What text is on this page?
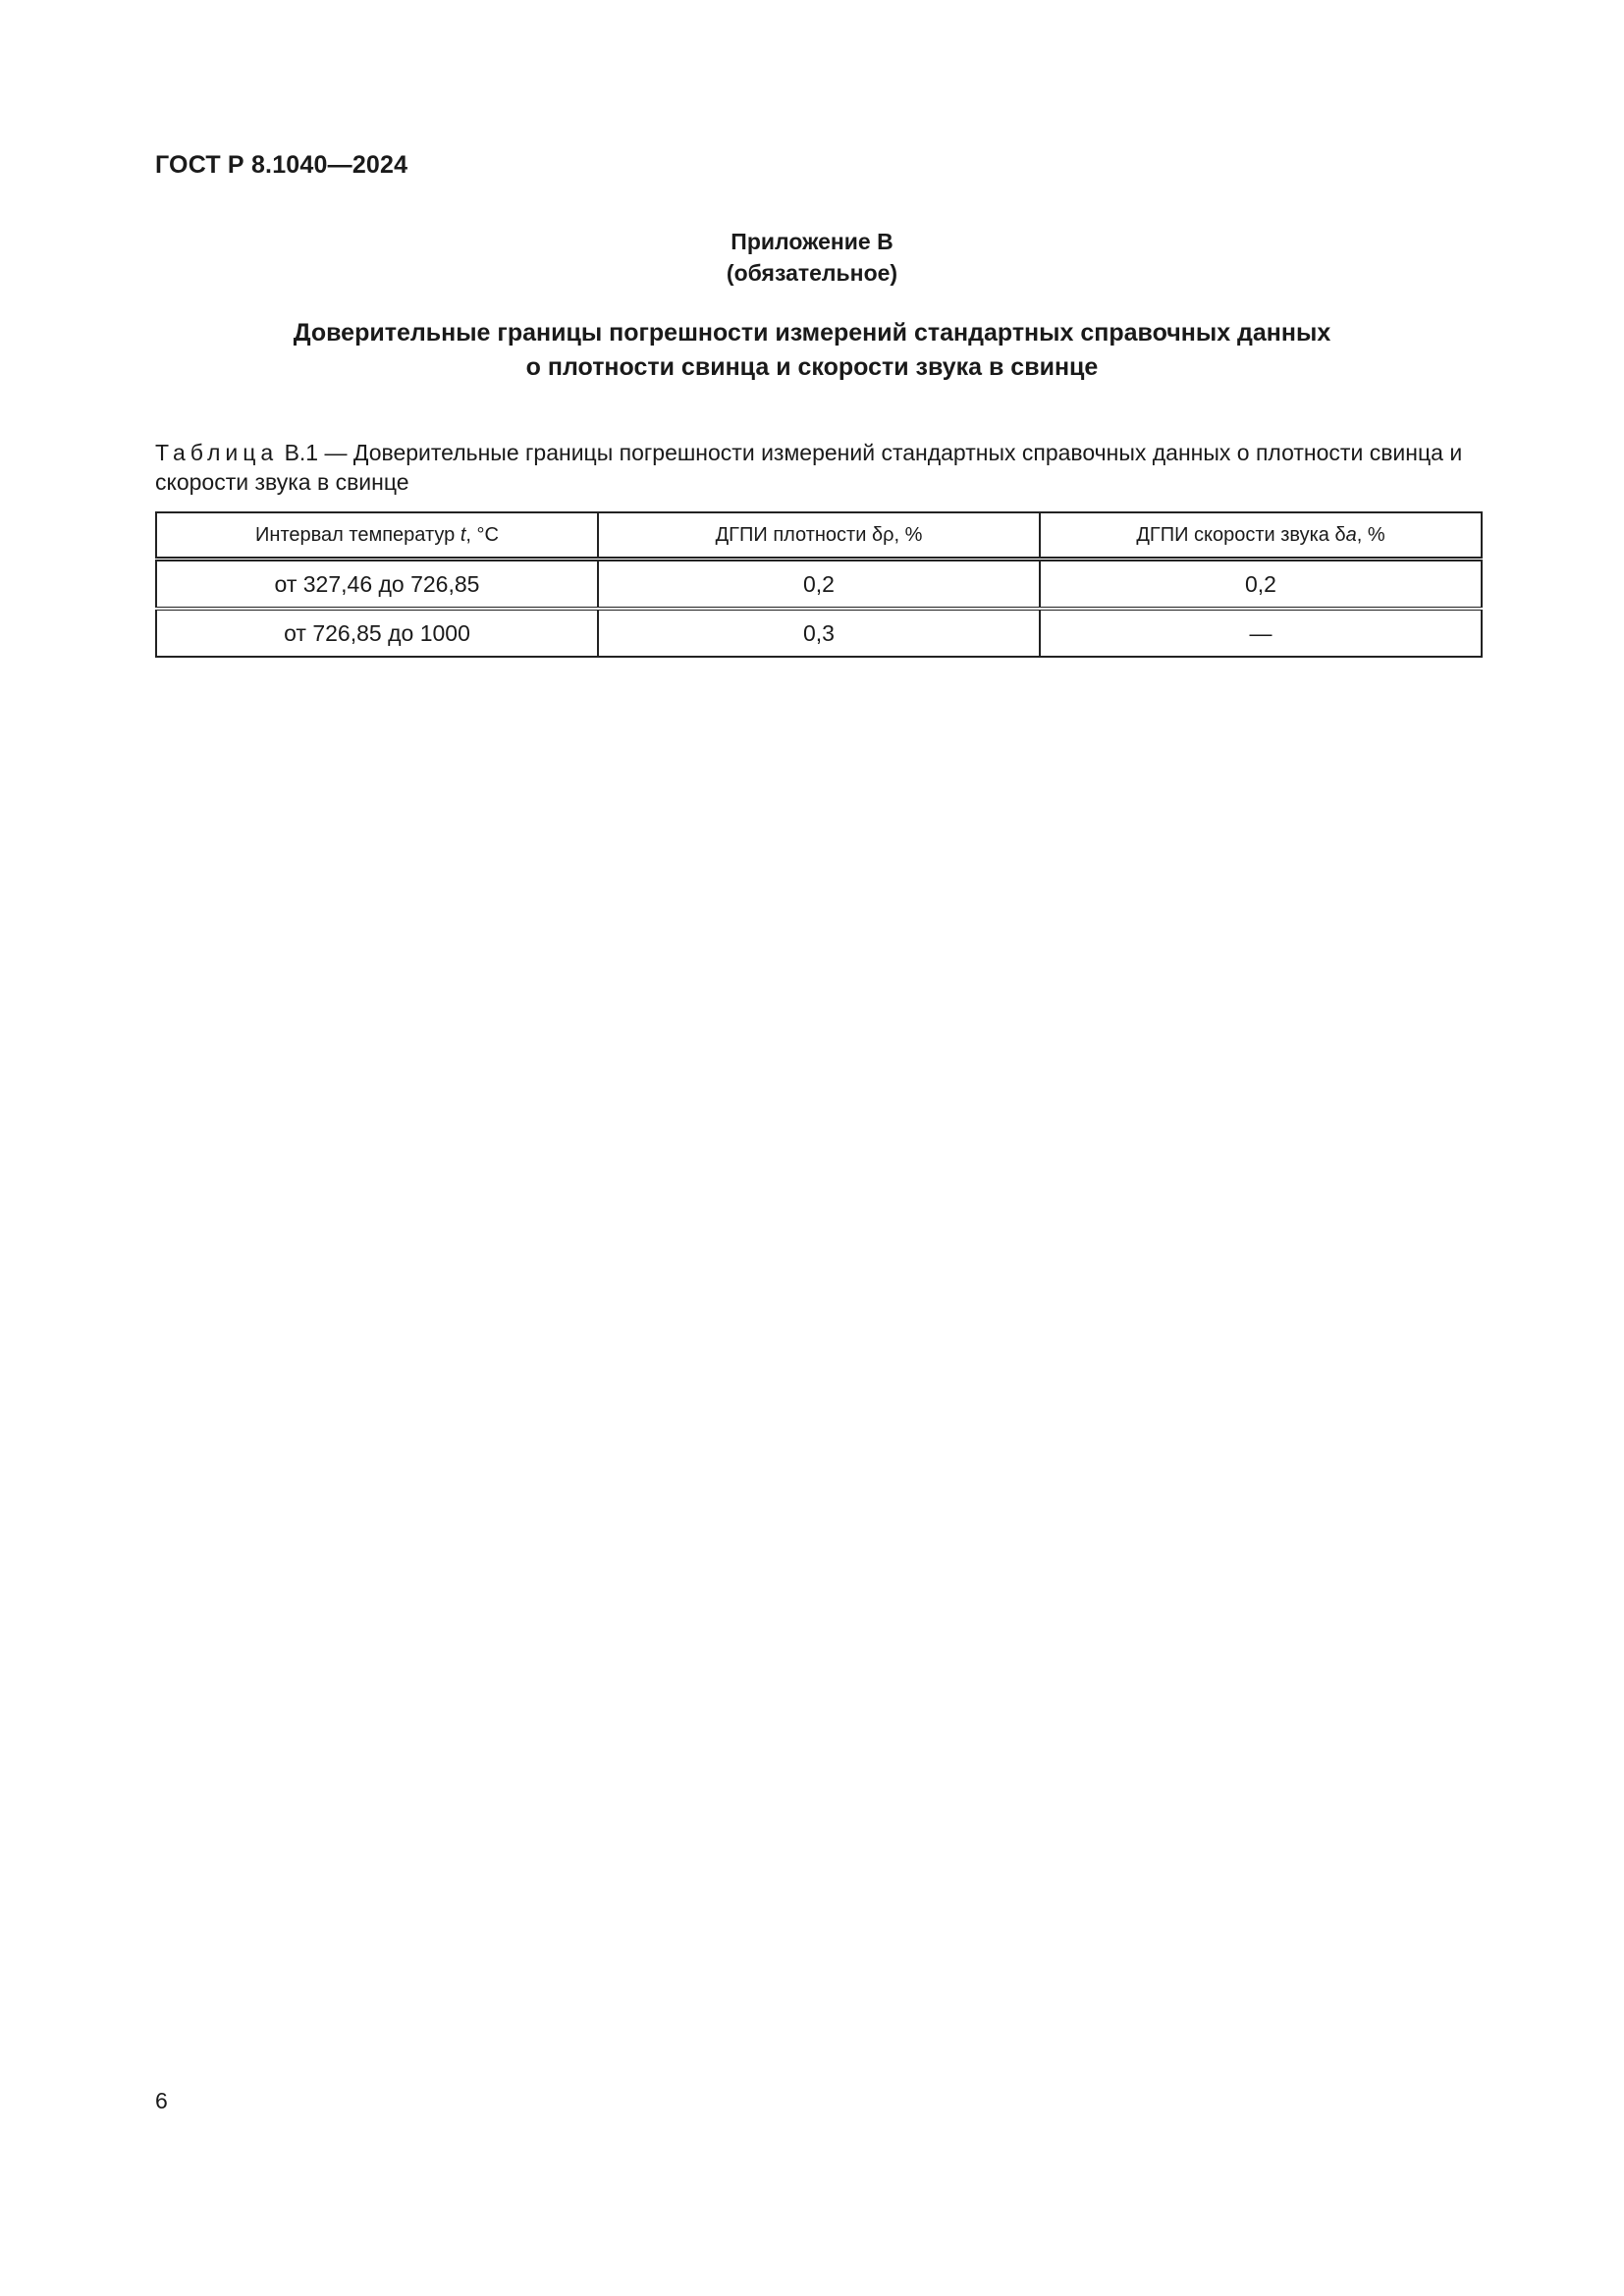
ГОСТ Р 8.1040—2024
Приложение В
(обязательное)
Доверительные границы погрешности измерений стандартных справочных данных
о плотности свинца и скорости звука в свинце
Таблица В.1 — Доверительные границы погрешности измерений стандартных справочных данных о плотности свинца и скорости звука в свинце
Интервал температур t, °С	ДГПИ плотности δρ, %	ДГПИ скорости звука δa, %
от 327,46 до 726,85	0,2	0,2
от 726,85 до 1000	0,3	—
6
